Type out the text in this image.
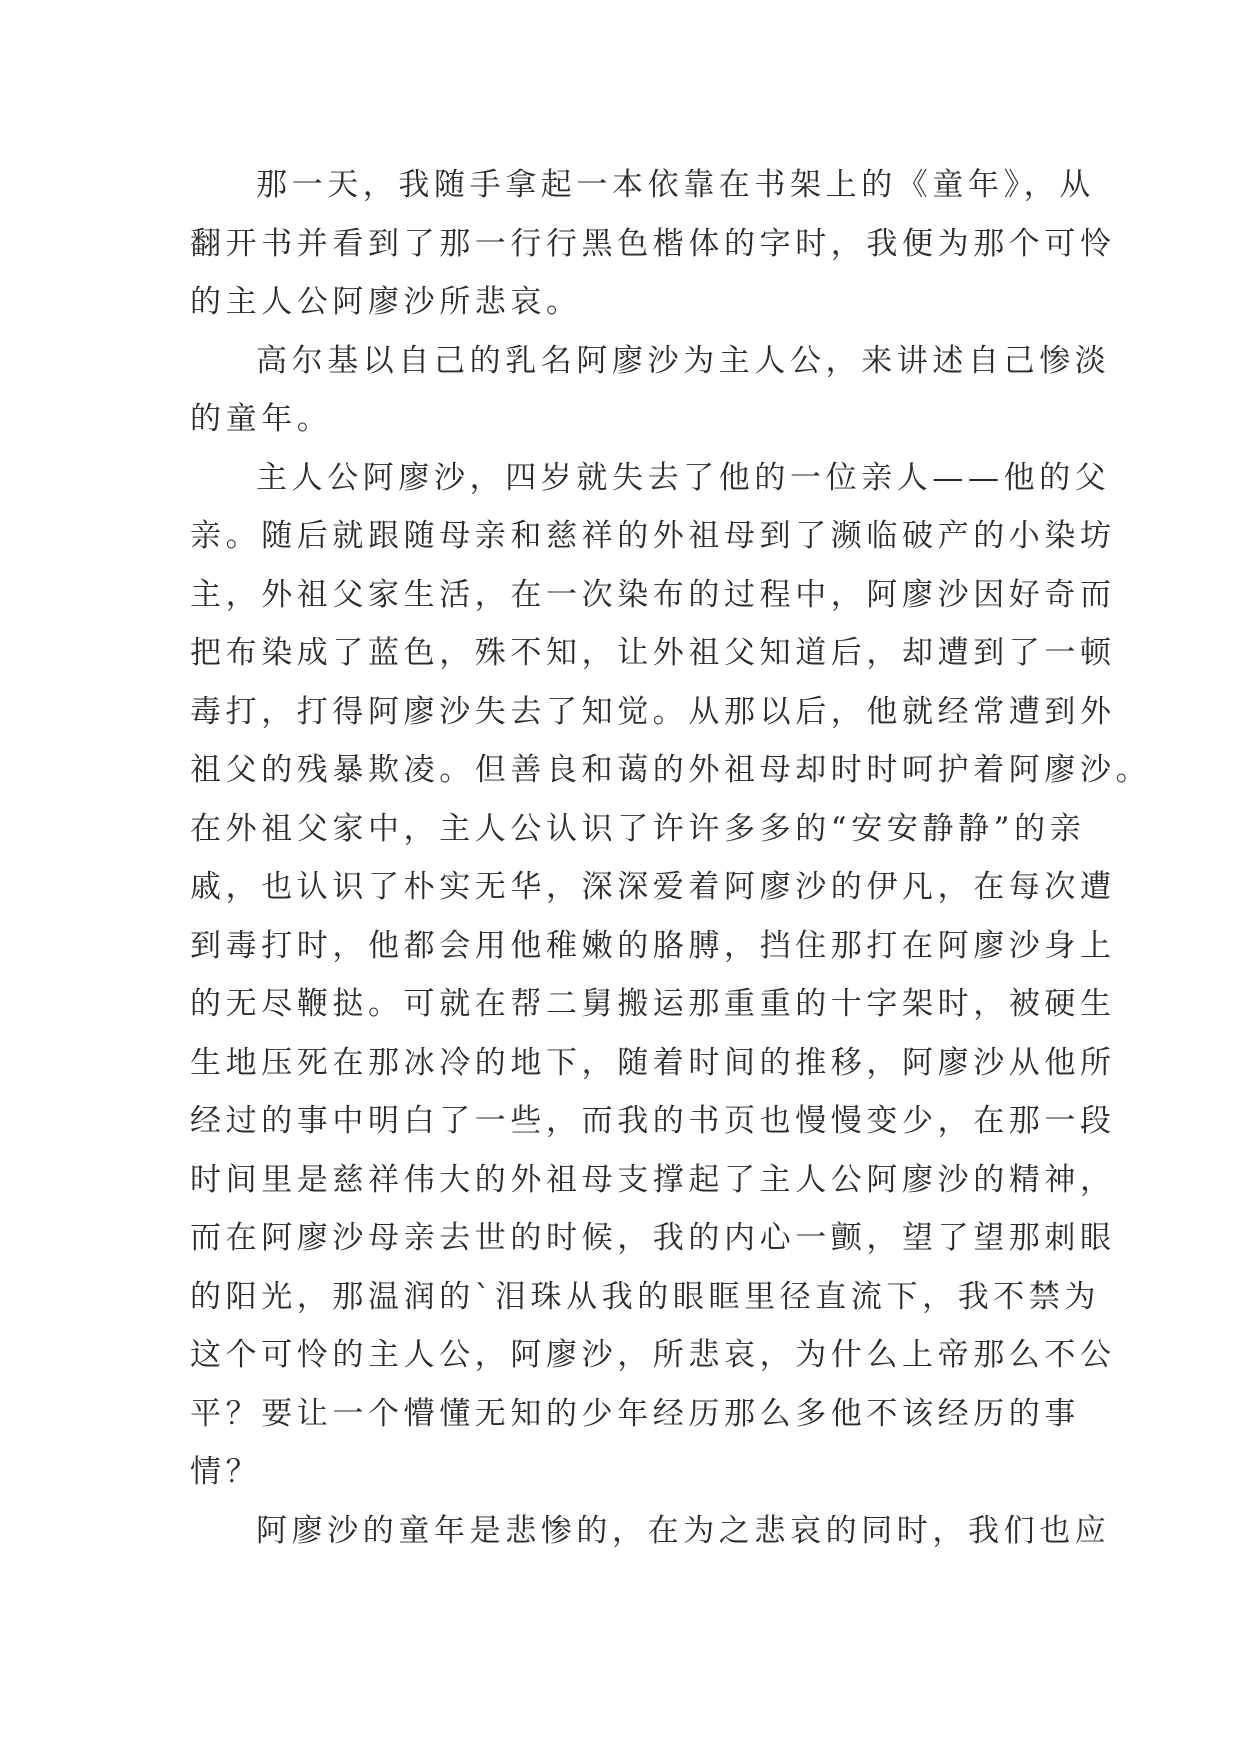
那一天，我随手拿起一本依靠在书架上的《童年》，从
翻开书并看到了那一行行黑色楷体的字时，我便为那个可怜
的主人公阿廖沙所悲哀。
高尔基以自己的乳名阿廖沙为主人公，来讲述自己惨淡
的童年。
主人公阿廖沙，四岁就失去了他的一位亲人——他的父
亲。随后就跟随母亲和慈祥的外祖母到了濒临破产的小染坊
主，外祖父家生活，在一次染布的过程中，阿廖沙因好奇而
把布染成了蓝色，殊不知，让外祖父知道后，却遭到了一顿
毒打，打得阿廖沙失去了知觉。从那以后，他就经常遭到外
祖父的残暴欺凌。但善良和蔼的外祖母却时时呵护着阿廖沙。
在外祖父家中，主人公认识了许许多多的“安安静静”的亲
戚，也认识了朴实无华，深深爱着阿廖沙的伊凡，在每次遭
到毒打时，他都会用他稚嫩的胳膊，挡住那打在阿廖沙身上
的无尽鞭挞。可就在帮二舅搬运那重重的十字架时，被硬生
生地压死在那冰冷的地下，随着时间的推移，阿廖沙从他所
经过的事中明白了一些，而我的书页也慢慢变少，在那一段
时间里是慈祥伟大的外祖母支撑起了主人公阿廖沙的精神，
而在阿廖沙母亲去世的时候，我的内心一颤，望了望那刺眼
的阳光，那温润的`泪珠从我的眼眶里径直流下，我不禁为
这个可怜的主人公，阿廖沙，所悲哀，为什么上帝那么不公
平？要让一个懵懂无知的少年经历那么多他不该经历的事
情？
阿廖沙的童年是悲惨的，在为之悲哀的同时，我们也应
